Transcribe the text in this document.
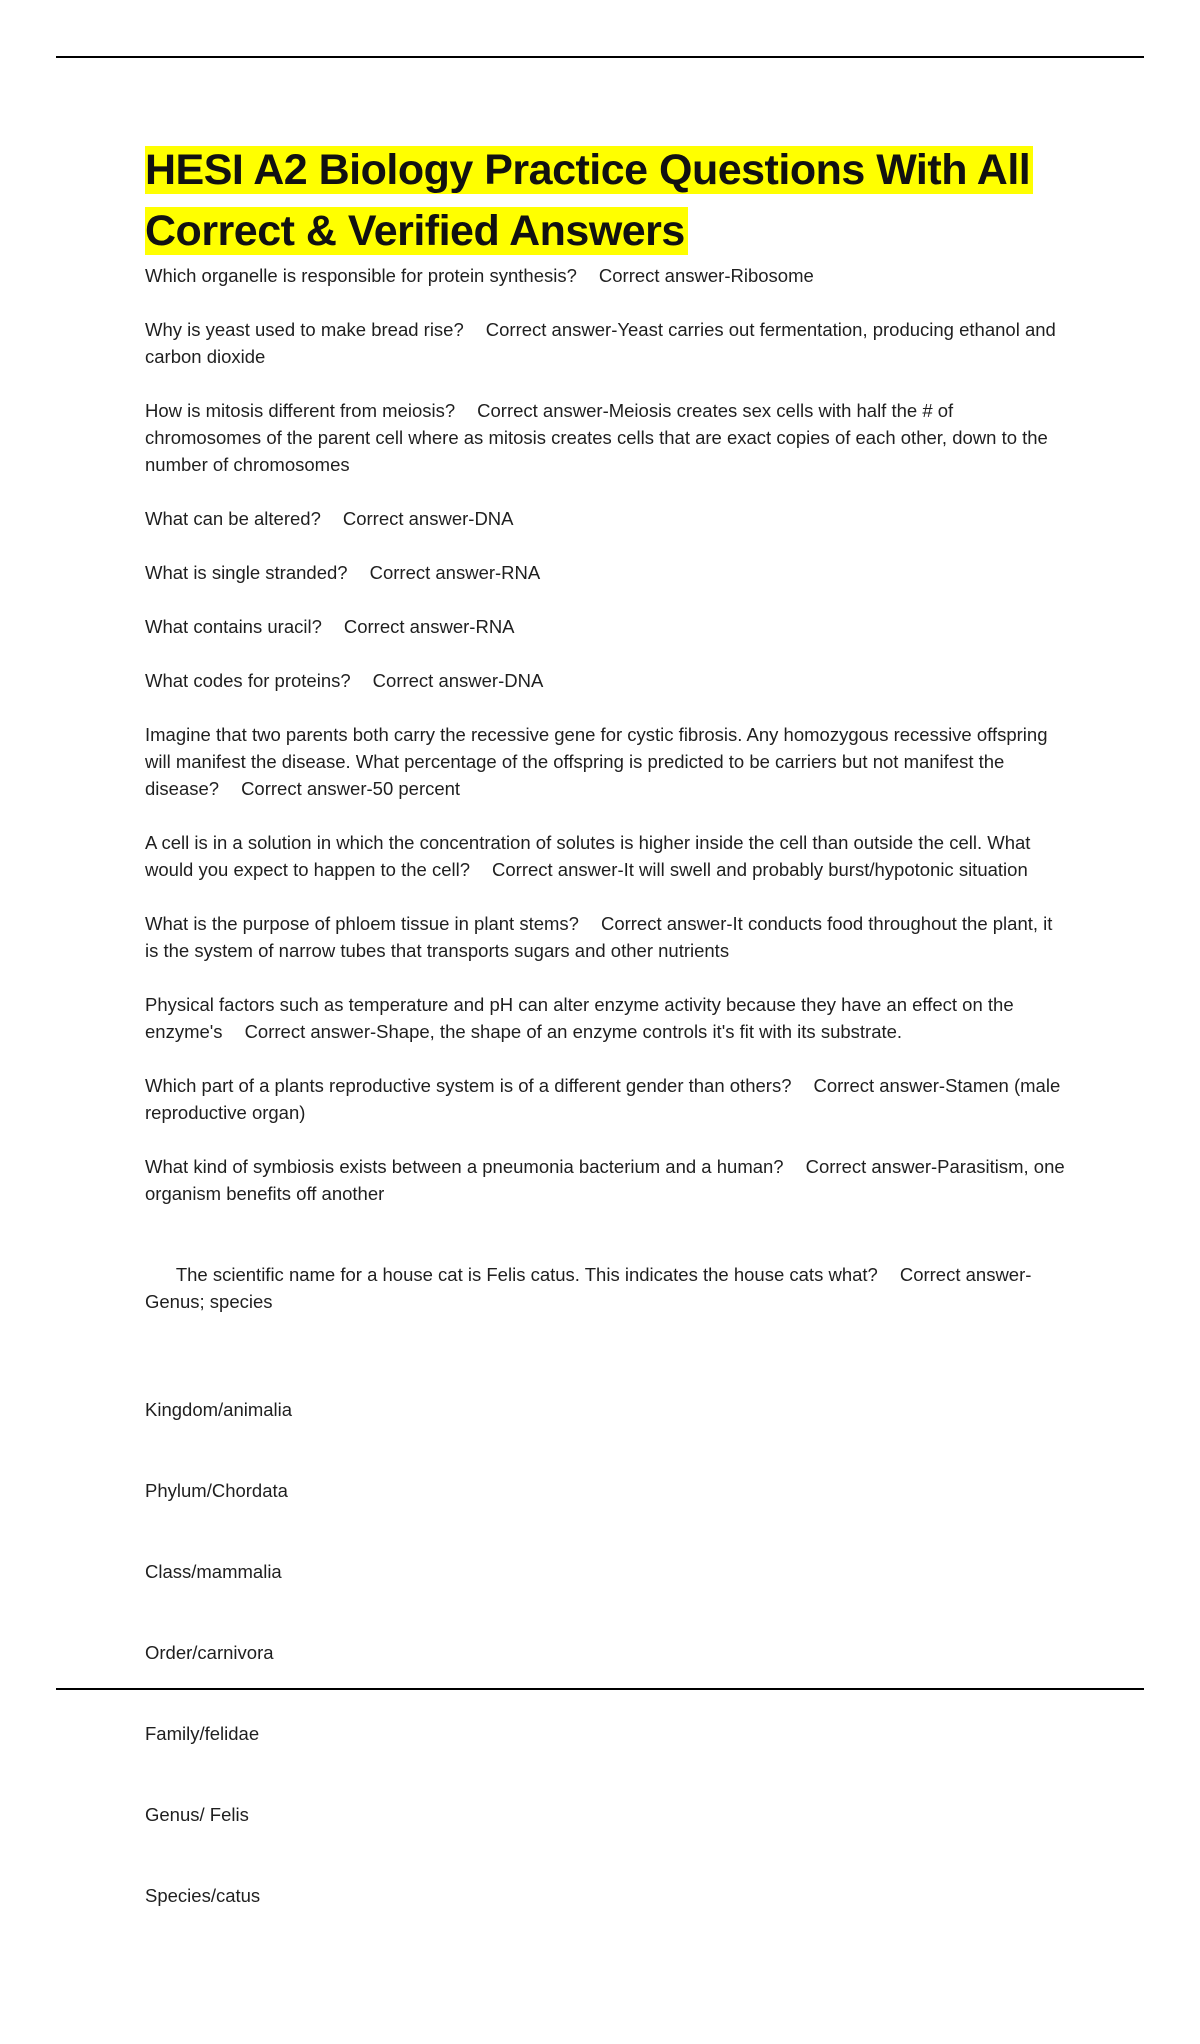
HESI A2 Biology Practice Questions With All Correct & Verified Answers

Which organelle is responsible for protein synthesis? Correct answer-Ribosome

Why is yeast used to make bread rise? Correct answer-Yeast carries out fermentation, producing ethanol and carbon dioxide

How is mitosis different from meiosis? Correct answer-Meiosis creates sex cells with half the # of chromosomes of the parent cell where as mitosis creates cells that are exact copies of each other, down to the number of chromosomes

What can be altered? Correct answer-DNA

What is single stranded? Correct answer-RNA

What contains uracil? Correct answer-RNA

What codes for proteins? Correct answer-DNA

Imagine that two parents both carry the recessive gene for cystic fibrosis. Any homozygous recessive offspring will manifest the disease. What percentage of the offspring is predicted to be carriers but not manifest the disease? Correct answer-50 percent

A cell is in a solution in which the concentration of solutes is higher inside the cell than outside the cell. What would you expect to happen to the cell? Correct answer-It will swell and probably burst/hypotonic situation

What is the purpose of phloem tissue in plant stems? Correct answer-It conducts food throughout the plant, it is the system of narrow tubes that transports sugars and other nutrients

Physical factors such as temperature and pH can alter enzyme activity because they have an effect on the enzyme's Correct answer-Shape, the shape of an enzyme controls it's fit with its substrate.

Which part of a plants reproductive system is of a different gender than others? Correct answer-Stamen (male reproductive organ)

What kind of symbiosis exists between a pneumonia bacterium and a human? Correct answer-Parasitism, one organism benefits off another

The scientific name for a house cat is Felis catus. This indicates the house cats what? Correct answer-Genus; species

Kingdom/animalia

Phylum/Chordata

Class/mammalia

Order/carnivora

Family/felidae

Genus/ Felis

Species/catus
